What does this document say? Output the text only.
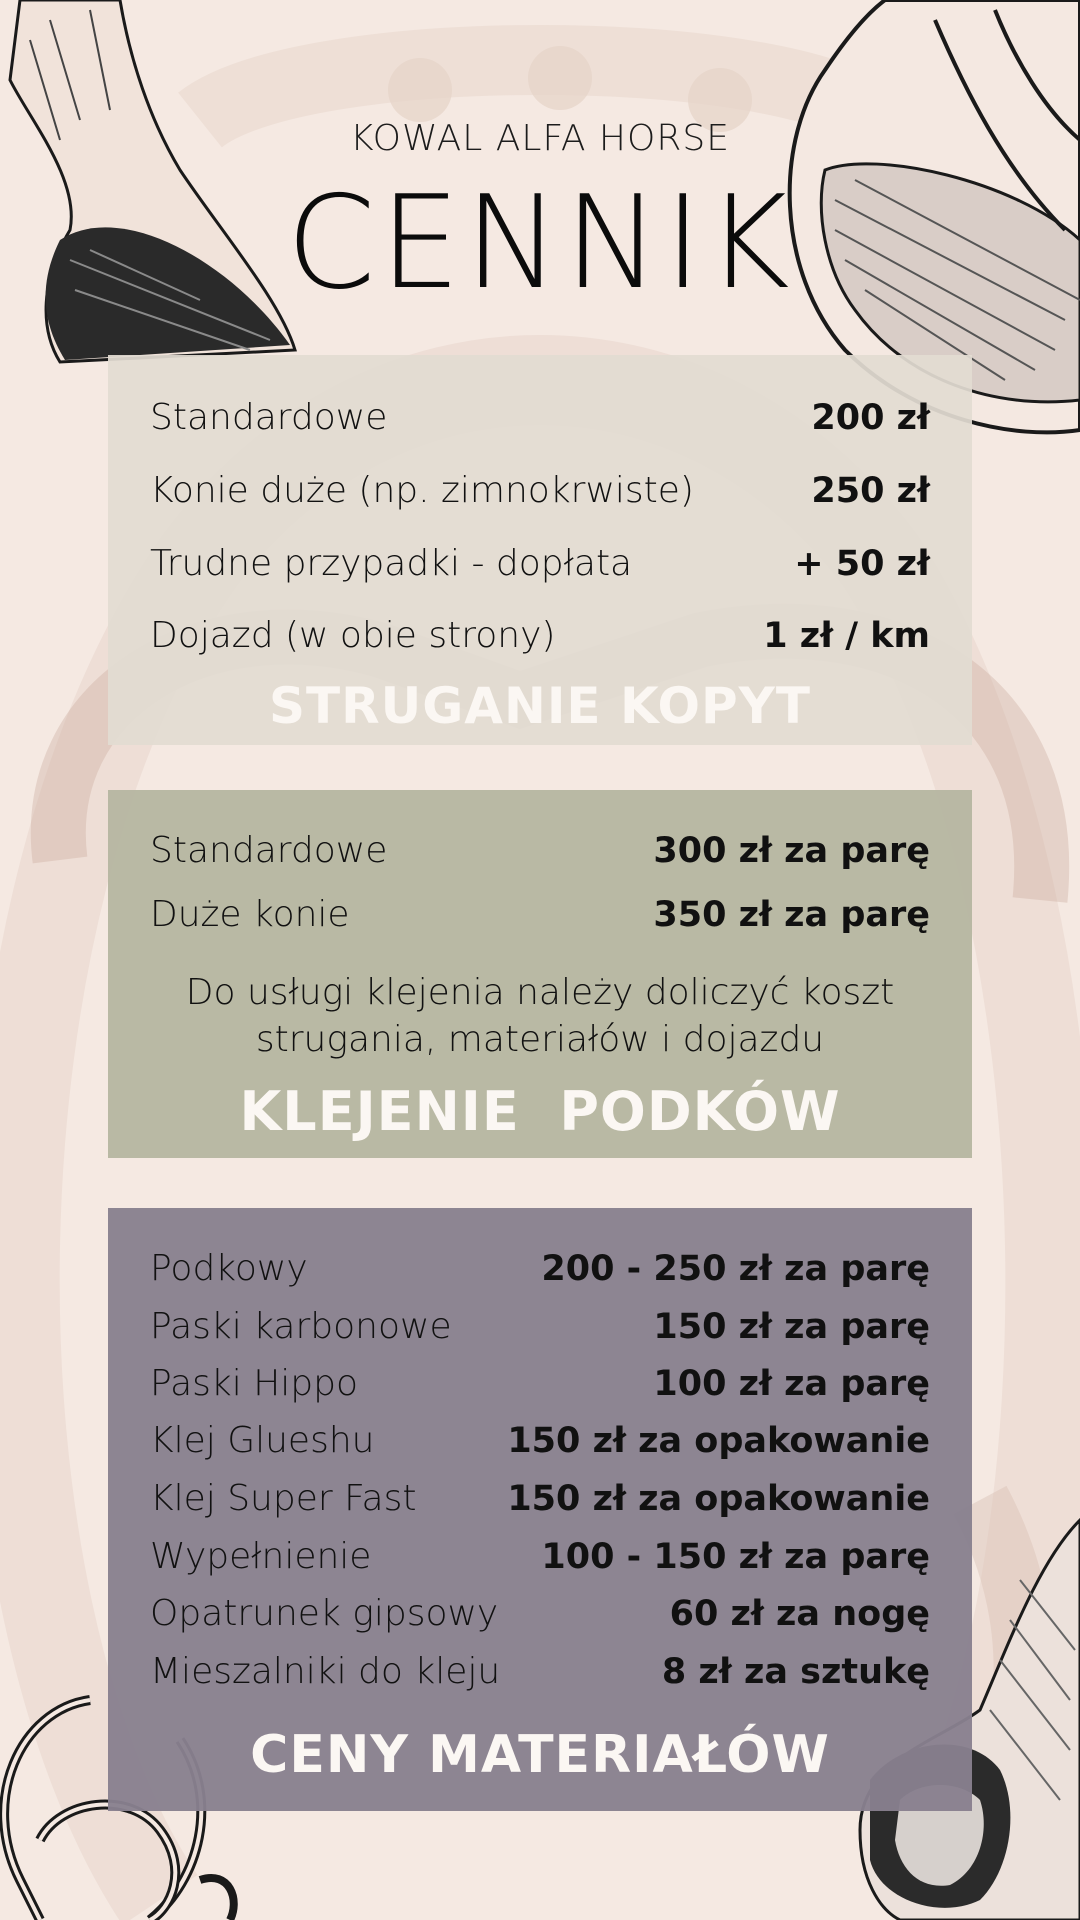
KOWAL ALFA HORSE
CENNIK
Standardowe	200 zł
Konie duże (np. zimnokrwiste)	250 zł
Trudne przypadki - dopłata	+ 50 zł
Dojazd (w obie strony)	1 zł / km
STRUGANIE KOPYT
Standardowe	300 zł za parę
Duże konie	350 zł za parę
Do usługi klejenia należy doliczyć koszt
strugania, materiałów i dojazdu
KLEJENIE  PODKÓW
Podkowy	200 - 250 zł za parę
Paski karbonowe	150 zł za parę
Paski Hippo	100 zł za parę
Klej Glueshu	150 zł za opakowanie
Klej Super Fast	150 zł za opakowanie
Wypełnienie	100 - 150 zł za parę
Opatrunek gipsowy	60 zł za nogę
Mieszalniki do kleju	8 zł za sztukę
CENY MATERIAŁÓW
